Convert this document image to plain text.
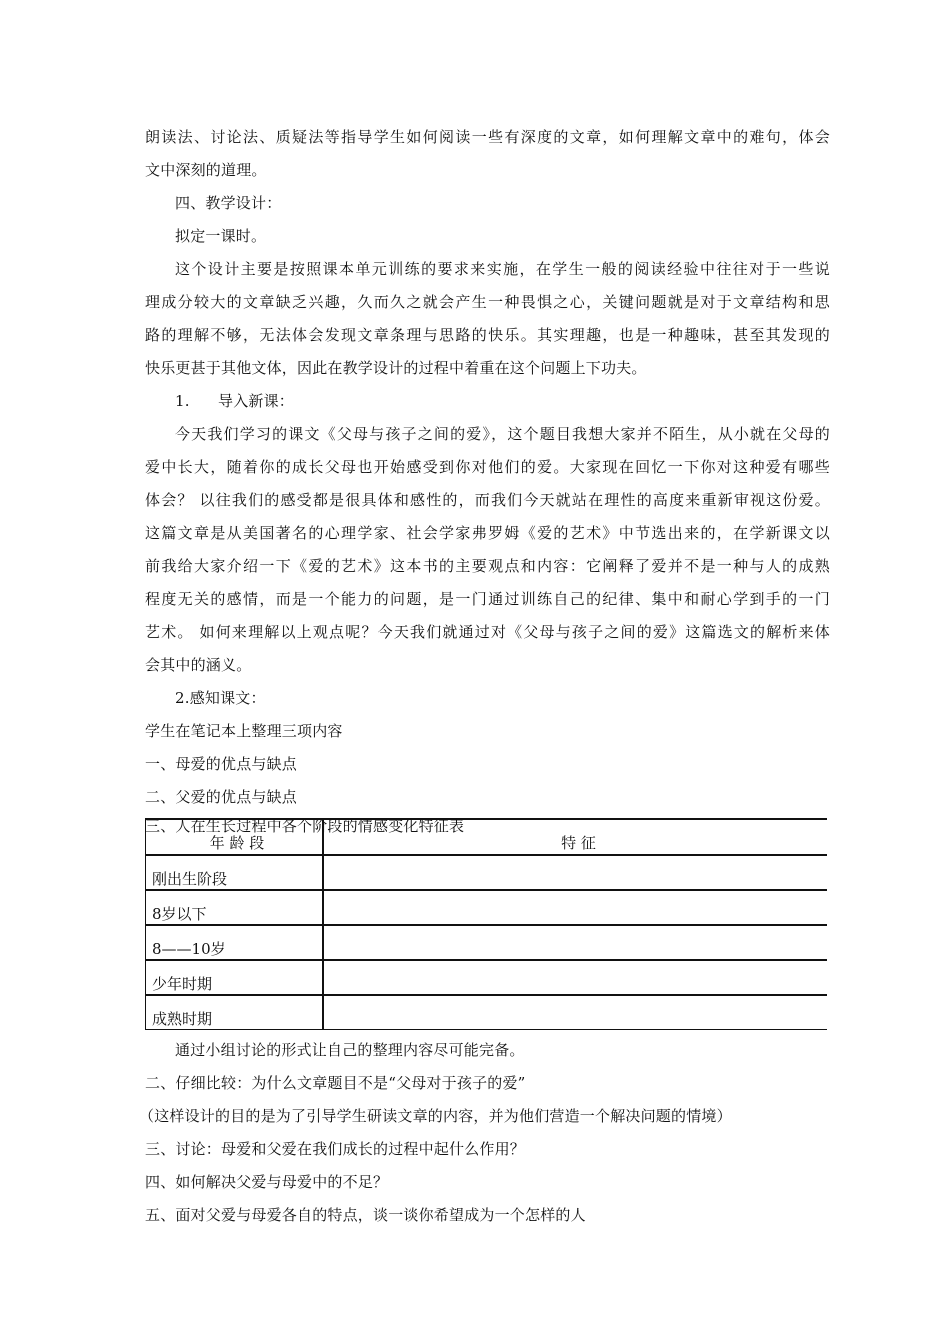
朗读法、讨论法、质疑法等指导学生如何阅读一些有深度的文章，如何理解文章中的难句，体会
文中深刻的道理。
四、教学设计：
拟定一课时。
这个设计主要是按照课本单元训练的要求来实施，在学生一般的阅读经验中往往对于一些说
理成分较大的文章缺乏兴趣，久而久之就会产生一种畏惧之心，关键问题就是对于文章结构和思
路的理解不够，无法体会发现文章条理与思路的快乐。其实理趣，也是一种趣味，甚至其发现的
快乐更甚于其他文体，因此在教学设计的过程中着重在这个问题上下功夫。
1.	导入新课：
今天我们学习的课文《父母与孩子之间的爱》，这个题目我想大家并不陌生，从小就在父母的
爱中长大，随着你的成长父母也开始感受到你对他们的爱。大家现在回忆一下你对这种爱有哪些
体会？ 以往我们的感受都是很具体和感性的，而我们今天就站在理性的高度来重新审视这份爱。
这篇文章是从美国著名的心理学家、社会学家弗罗姆《爱的艺术》中节选出来的，在学新课文以
前我给大家介绍一下《爱的艺术》这本书的主要观点和内容：它阐释了爱并不是一种与人的成熟
程度无关的感情，而是一个能力的问题，是一门通过训练自己的纪律、集中和耐心学到手的一门
艺术。 如何来理解以上观点呢？今天我们就通过对《父母与孩子之间的爱》这篇选文的解析来体
会其中的涵义。
2.感知课文：
学生在笔记本上整理三项内容
一、母爱的优点与缺点
二、父爱的优点与缺点
三、人在生长过程中各个阶段的情感变化特征表
年 龄 段	特 征
刚出生阶段	
8岁以下	
8——10岁	
少年时期	
成熟时期	
通过小组讨论的形式让自己的整理内容尽可能完备。
二、仔细比较：为什么文章题目不是“父母对于孩子的爱”
（这样设计的目的是为了引导学生研读文章的内容，并为他们营造一个解决问题的情境）
三、讨论：母爱和父爱在我们成长的过程中起什么作用？
四、如何解决父爱与母爱中的不足？
五、面对父爱与母爱各自的特点，谈一谈你希望成为一个怎样的人
